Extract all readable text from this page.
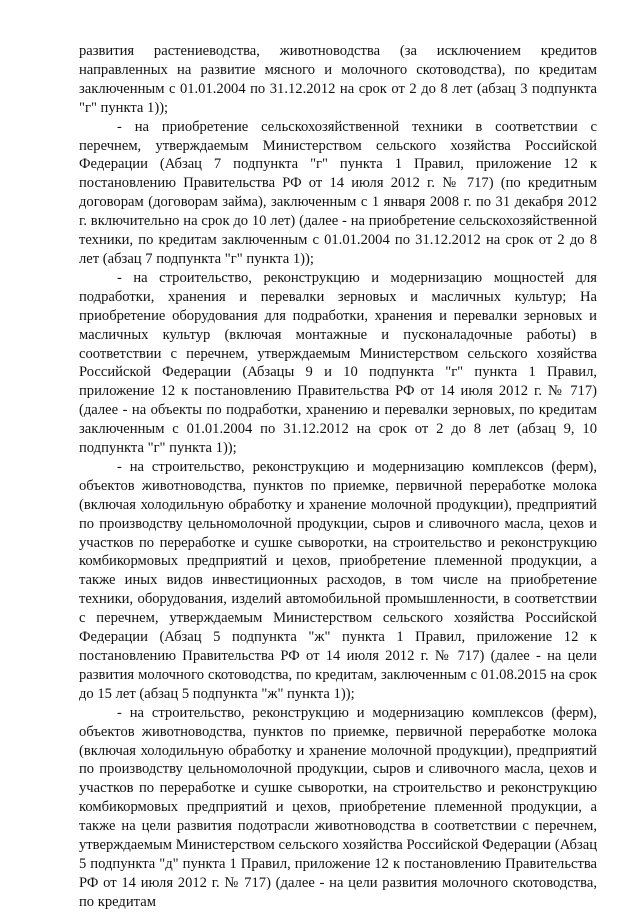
развития растениеводства, животноводства (за исключением кредитов направленных на развитие мясного и молочного скотоводства), по кредитам заключенным с 01.01.2004 по 31.12.2012 на срок от 2 до 8 лет (абзац 3 подпункта "г" пункта 1));

- на приобретение сельскохозяйственной техники в соответствии с перечнем, утверждаемым Министерством сельского хозяйства Российской Федерации (Абзац 7 подпункта "г" пункта 1 Правил, приложение 12 к постановлению Правительства РФ от 14 июля 2012 г. № 717) (по кредитным договорам (договорам займа), заключенным с 1 января 2008 г. по 31 декабря 2012 г. включительно на срок до 10 лет) (далее - на приобретение сельскохозяйственной техники, по кредитам заключенным с 01.01.2004 по 31.12.2012 на срок от 2 до 8 лет (абзац 7 подпункта "г" пункта 1));

- на строительство, реконструкцию и модернизацию мощностей для подработки, хранения и перевалки зерновых и масличных культур; На приобретение оборудования для подработки, хранения и перевалки зерновых и масличных культур (включая монтажные и пусконаладочные работы) в соответствии с перечнем, утверждаемым Министерством сельского хозяйства Российской Федерации (Абзацы 9 и 10 подпункта "г" пункта 1 Правил, приложение 12 к постановлению Правительства РФ от 14 июля 2012 г. № 717) (далее - на объекты по подработки, хранению и перевалки зерновых, по кредитам заключенным с 01.01.2004 по 31.12.2012 на срок от 2 до 8 лет (абзац 9, 10 подпункта "г" пункта 1));

- на строительство, реконструкцию и модернизацию комплексов (ферм), объектов животноводства, пунктов по приемке, первичной переработке молока (включая холодильную обработку и хранение молочной продукции), предприятий по производству цельномолочной продукции, сыров и сливочного масла, цехов и участков по переработке и сушке сыворотки, на строительство и реконструкцию комбикормовых предприятий и цехов, приобретение племенной продукции, а также иных видов инвестиционных расходов, в том числе на приобретение техники, оборудования, изделий автомобильной промышленности, в соответствии с перечнем, утверждаемым Министерством сельского хозяйства Российской Федерации (Абзац 5 подпункта "ж" пункта 1 Правил, приложение 12 к постановлению Правительства РФ от 14 июля 2012 г. № 717) (далее - на цели развития молочного скотоводства, по кредитам, заключенным с 01.08.2015 на срок до 15 лет (абзац 5 подпункта "ж" пункта 1));

- на строительство, реконструкцию и модернизацию комплексов (ферм), объектов животноводства, пунктов по приемке, первичной переработке молока (включая холодильную обработку и хранение молочной продукции), предприятий по производству цельномолочной продукции, сыров и сливочного масла, цехов и участков по переработке и сушке сыворотки, на строительство и реконструкцию комбикормовых предприятий и цехов, приобретение племенной продукции, а также на цели развития подотрасли животноводства в соответствии с перечнем, утверждаемым Министерством сельского хозяйства Российской Федерации (Абзац 5 подпункта "д" пункта 1 Правил, приложение 12 к постановлению Правительства РФ от 14 июля 2012 г. № 717) (далее - на цели развития молочного скотоводства, по кредитам
